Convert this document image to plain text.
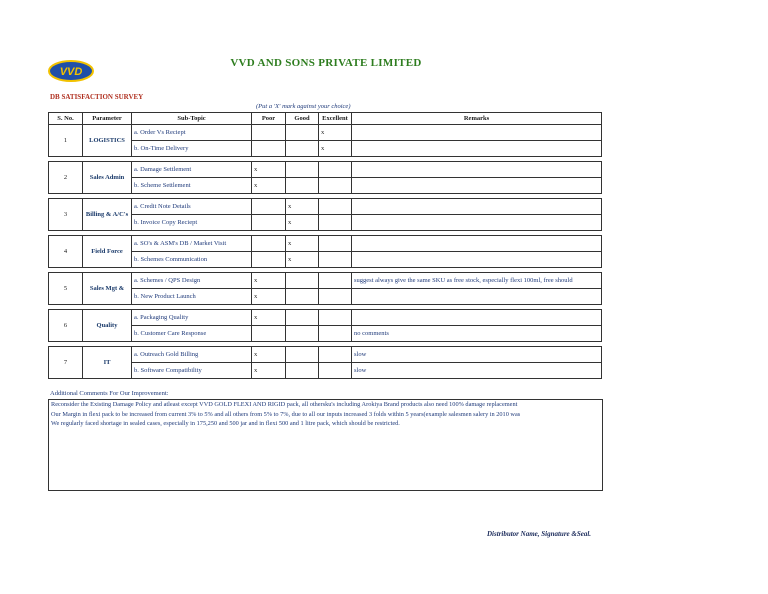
VVD
VVD AND SONS PRIVATE LIMITED
DB SATISFACTION SURVEY
(Put a 'X' mark against your choice)
S. No.	Parameter	Sub-Topic	Poor	Good	Excellent	Remarks
1	LOGISTICS	a. Order Vs Reciept			x	
		b. On-Time Delivery			x	

2	Sales Admin	a. Damage Settlement	x			
		b. Scheme Settlement	x			

3	Billing & A/C's	a. Credit Note Details		x		
		b. Invoice Copy Reciept		x		

4	Field Force	a. SO's & ASM's DB / Market Visit		x		
		b. Schemes Communication		x		

5	Sales Mgt &	a. Schemes / QPS Design	x			suggest always give the same SKU as free stock, especially flexi 100ml, free should
		b. New Product Launch	x			

6	Quality	a. Packaging Quality	x			
		b. Customer Care Response				no comments

7	IT	a. Outreach Gold Billing	x			slow
		b. Software Compatibility	x			slow
Additional Comments For Our Improvement:
Reconsider the Existing Damage Policy and atleast except VVD GOLD FLEXI AND RIGID pack, all othersku's including Arokiya Brand products also need 100% damage replacement
Our Margin in flexi pack to be increased from current 3% to 5% and all others from 5% to 7%, due to all our inputs increased 3 folds within 5 years(example salesmen salery in 2010 was
We regularly faced shortage in sealed cases, especially in 175,250 and 500 jar and in flexi 500 and 1 litre pack, which should be restricted.
Distributor Name, Signature &Seal.
